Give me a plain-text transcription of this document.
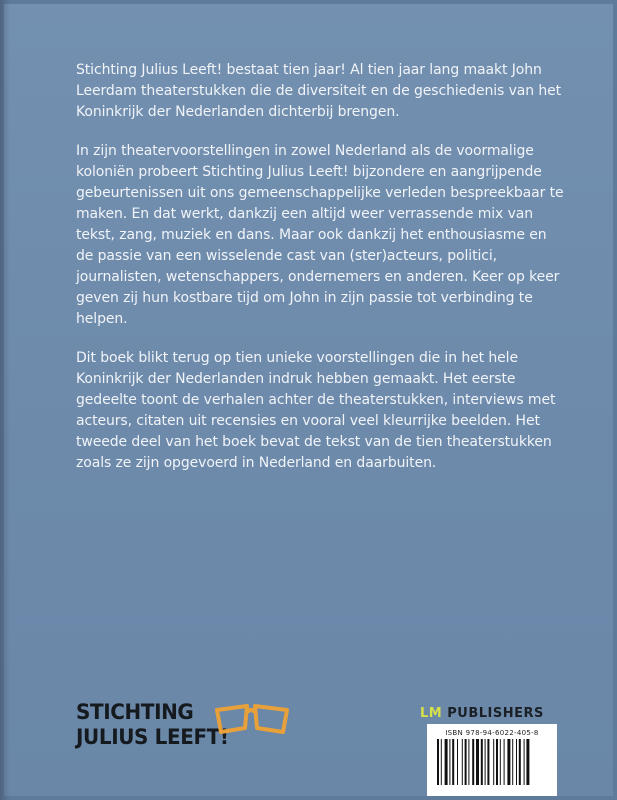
Stichting Julius Leeft! bestaat tien jaar! Al tien jaar lang maakt John Leerdam theaterstukken die de diversiteit en de geschiedenis van het Koninkrijk der Nederlanden dichterbij brengen.

In zijn theatervoorstellingen in zowel Nederland als de voormalige koloniën probeert Stichting Julius Leeft! bijzondere en aangrijpende gebeurtenissen uit ons gemeenschappelijke verleden bespreekbaar te maken. En dat werkt, dankzij een altijd weer verrassende mix van tekst, zang, muziek en dans. Maar ook dankzij het enthousiasme en de passie van een wisselende cast van (ster)acteurs, politici, journalisten, wetenschappers, ondernemers en anderen. Keer op keer geven zij hun kostbare tijd om John in zijn passie tot verbinding te helpen.

Dit boek blikt terug op tien unieke voorstellingen die in het hele Koninkrijk der Nederlanden indruk hebben gemaakt. Het eerste gedeelte toont de verhalen achter de theaterstukken, interviews met acteurs, citaten uit recensies en vooral veel kleurrijke beelden. Het tweede deel van het boek bevat de tekst van de tien theaterstukken zoals ze zijn opgevoerd in Nederland en daarbuiten.

STICHTING
JULIUS LEEFT!
LM PUBLISHERS
ISBN 978-94-6022-405-8
